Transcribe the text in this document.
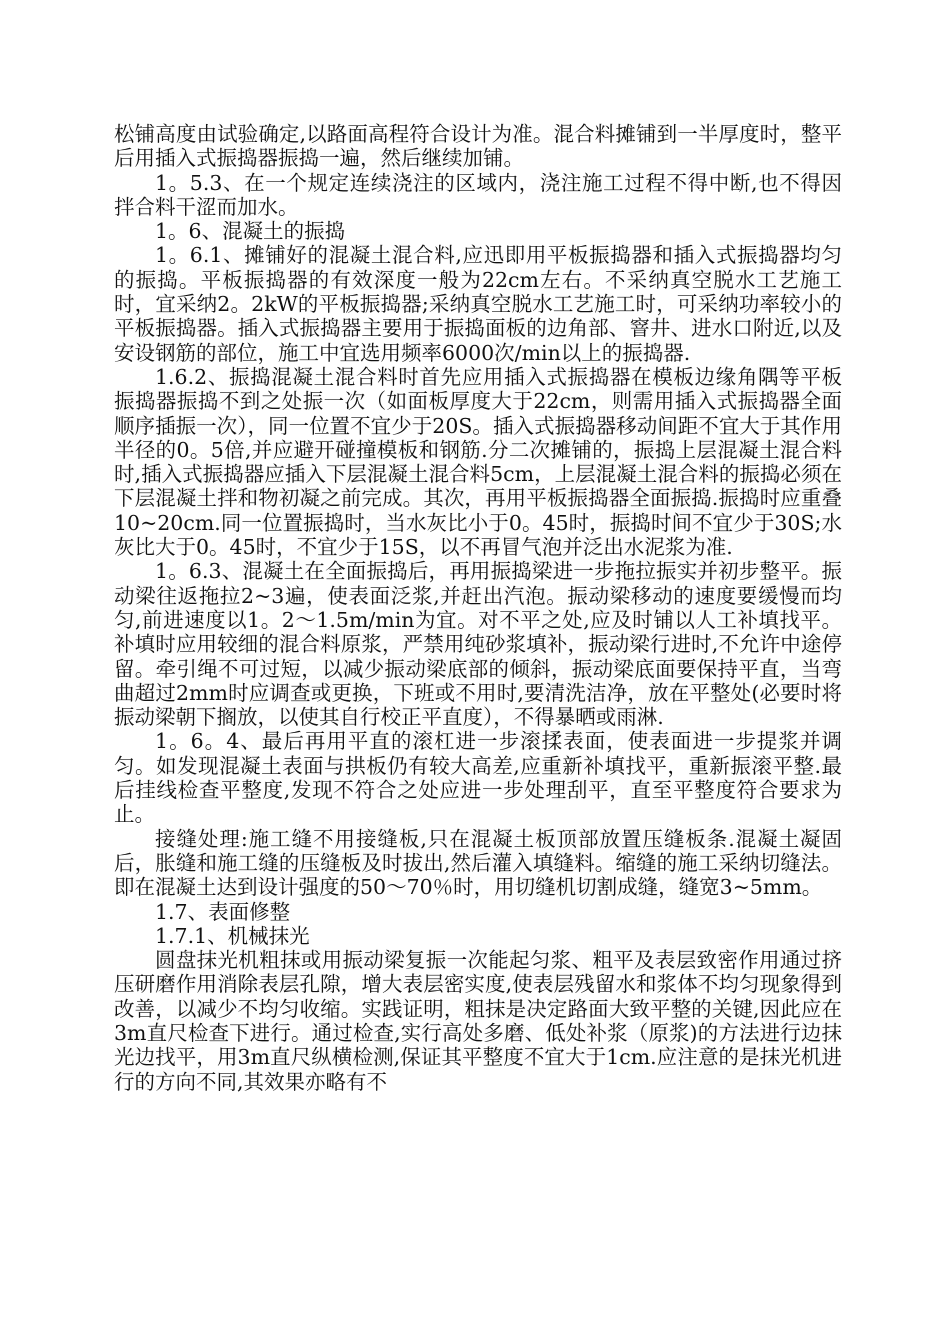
松铺高度由试验确定,以路面高程符合设计为准。混合料摊铺到一半厚度时，整平后用插入式振捣器振捣一遍，然后继续加铺。

1。5.3、在一个规定连续浇注的区域内，浇注施工过程不得中断,也不得因拌合料干涩而加水。

1。6、混凝土的振捣

1。6.1、摊铺好的混凝土混合料,应迅即用平板振捣器和插入式振捣器均匀的振捣。平板振捣器的有效深度一般为22cm左右。不采纳真空脱水工艺施工时，宜采纳2。2kW的平板振捣器;采纳真空脱水工艺施工时，可采纳功率较小的平板振捣器。插入式振捣器主要用于振捣面板的边角部、窨井、进水口附近,以及安设钢筋的部位，施工中宜选用频率6000次/min以上的振捣器.

1.6.2、振捣混凝土混合料时首先应用插入式振捣器在模板边缘角隅等平板振捣器振捣不到之处振一次（如面板厚度大于22cm，则需用插入式振捣器全面顺序插振一次），同一位置不宜少于20S。插入式振捣器移动间距不宜大于其作用半径的0。5倍,并应避开碰撞模板和钢筋.分二次摊铺的，振捣上层混凝土混合料时,插入式振捣器应插入下层混凝土混合料5cm，上层混凝土混合料的振捣必须在下层混凝土拌和物初凝之前完成。其次，再用平板振捣器全面振捣.振捣时应重叠10~20cm.同一位置振捣时，当水灰比小于0。45时，振捣时间不宜少于30S;水灰比大于0。45时，不宜少于15S，以不再冒气泡并泛出水泥浆为准.

1。6.3、混凝土在全面振捣后，再用振捣梁进一步拖拉振实并初步整平。振动梁往返拖拉2~3遍，使表面泛浆,并赶出汽泡。振动梁移动的速度要缓慢而均匀,前进速度以1。2～1.5m/min为宜。对不平之处,应及时铺以人工补填找平。补填时应用较细的混合料原浆，严禁用纯砂浆填补，振动梁行进时,不允许中途停留。牵引绳不可过短，以减少振动梁底部的倾斜，振动梁底面要保持平直，当弯曲超过2mm时应调查或更换，下班或不用时,要清洗洁净，放在平整处(必要时将振动梁朝下搁放，以使其自行校正平直度），不得暴晒或雨淋.

1。6。4、最后再用平直的滚杠进一步滚揉表面，使表面进一步提浆并调匀。如发现混凝土表面与拱板仍有较大高差,应重新补填找平，重新振滚平整.最后挂线检查平整度,发现不符合之处应进一步处理刮平，直至平整度符合要求为止。

接缝处理:施工缝不用接缝板,只在混凝土板顶部放置压缝板条.混凝土凝固后，胀缝和施工缝的压缝板及时拔出,然后灌入填缝料。缩缝的施工采纳切缝法。即在混凝土达到设计强度的50～70％时，用切缝机切割成缝，缝宽3~5mm。

1.7、表面修整

1.7.1、机械抹光

圆盘抹光机粗抹或用振动梁复振一次能起匀浆、粗平及表层致密作用通过挤压研磨作用消除表层孔隙，增大表层密实度,使表层残留水和浆体不均匀现象得到改善，以减少不均匀收缩。实践证明，粗抹是决定路面大致平整的关键,因此应在3m直尺检查下进行。通过检查,实行高处多磨、低处补浆（原浆)的方法进行边抹光边找平，用3m直尺纵横检测,保证其平整度不宜大于1cm.应注意的是抹光机进行的方向不同,其效果亦略有不
